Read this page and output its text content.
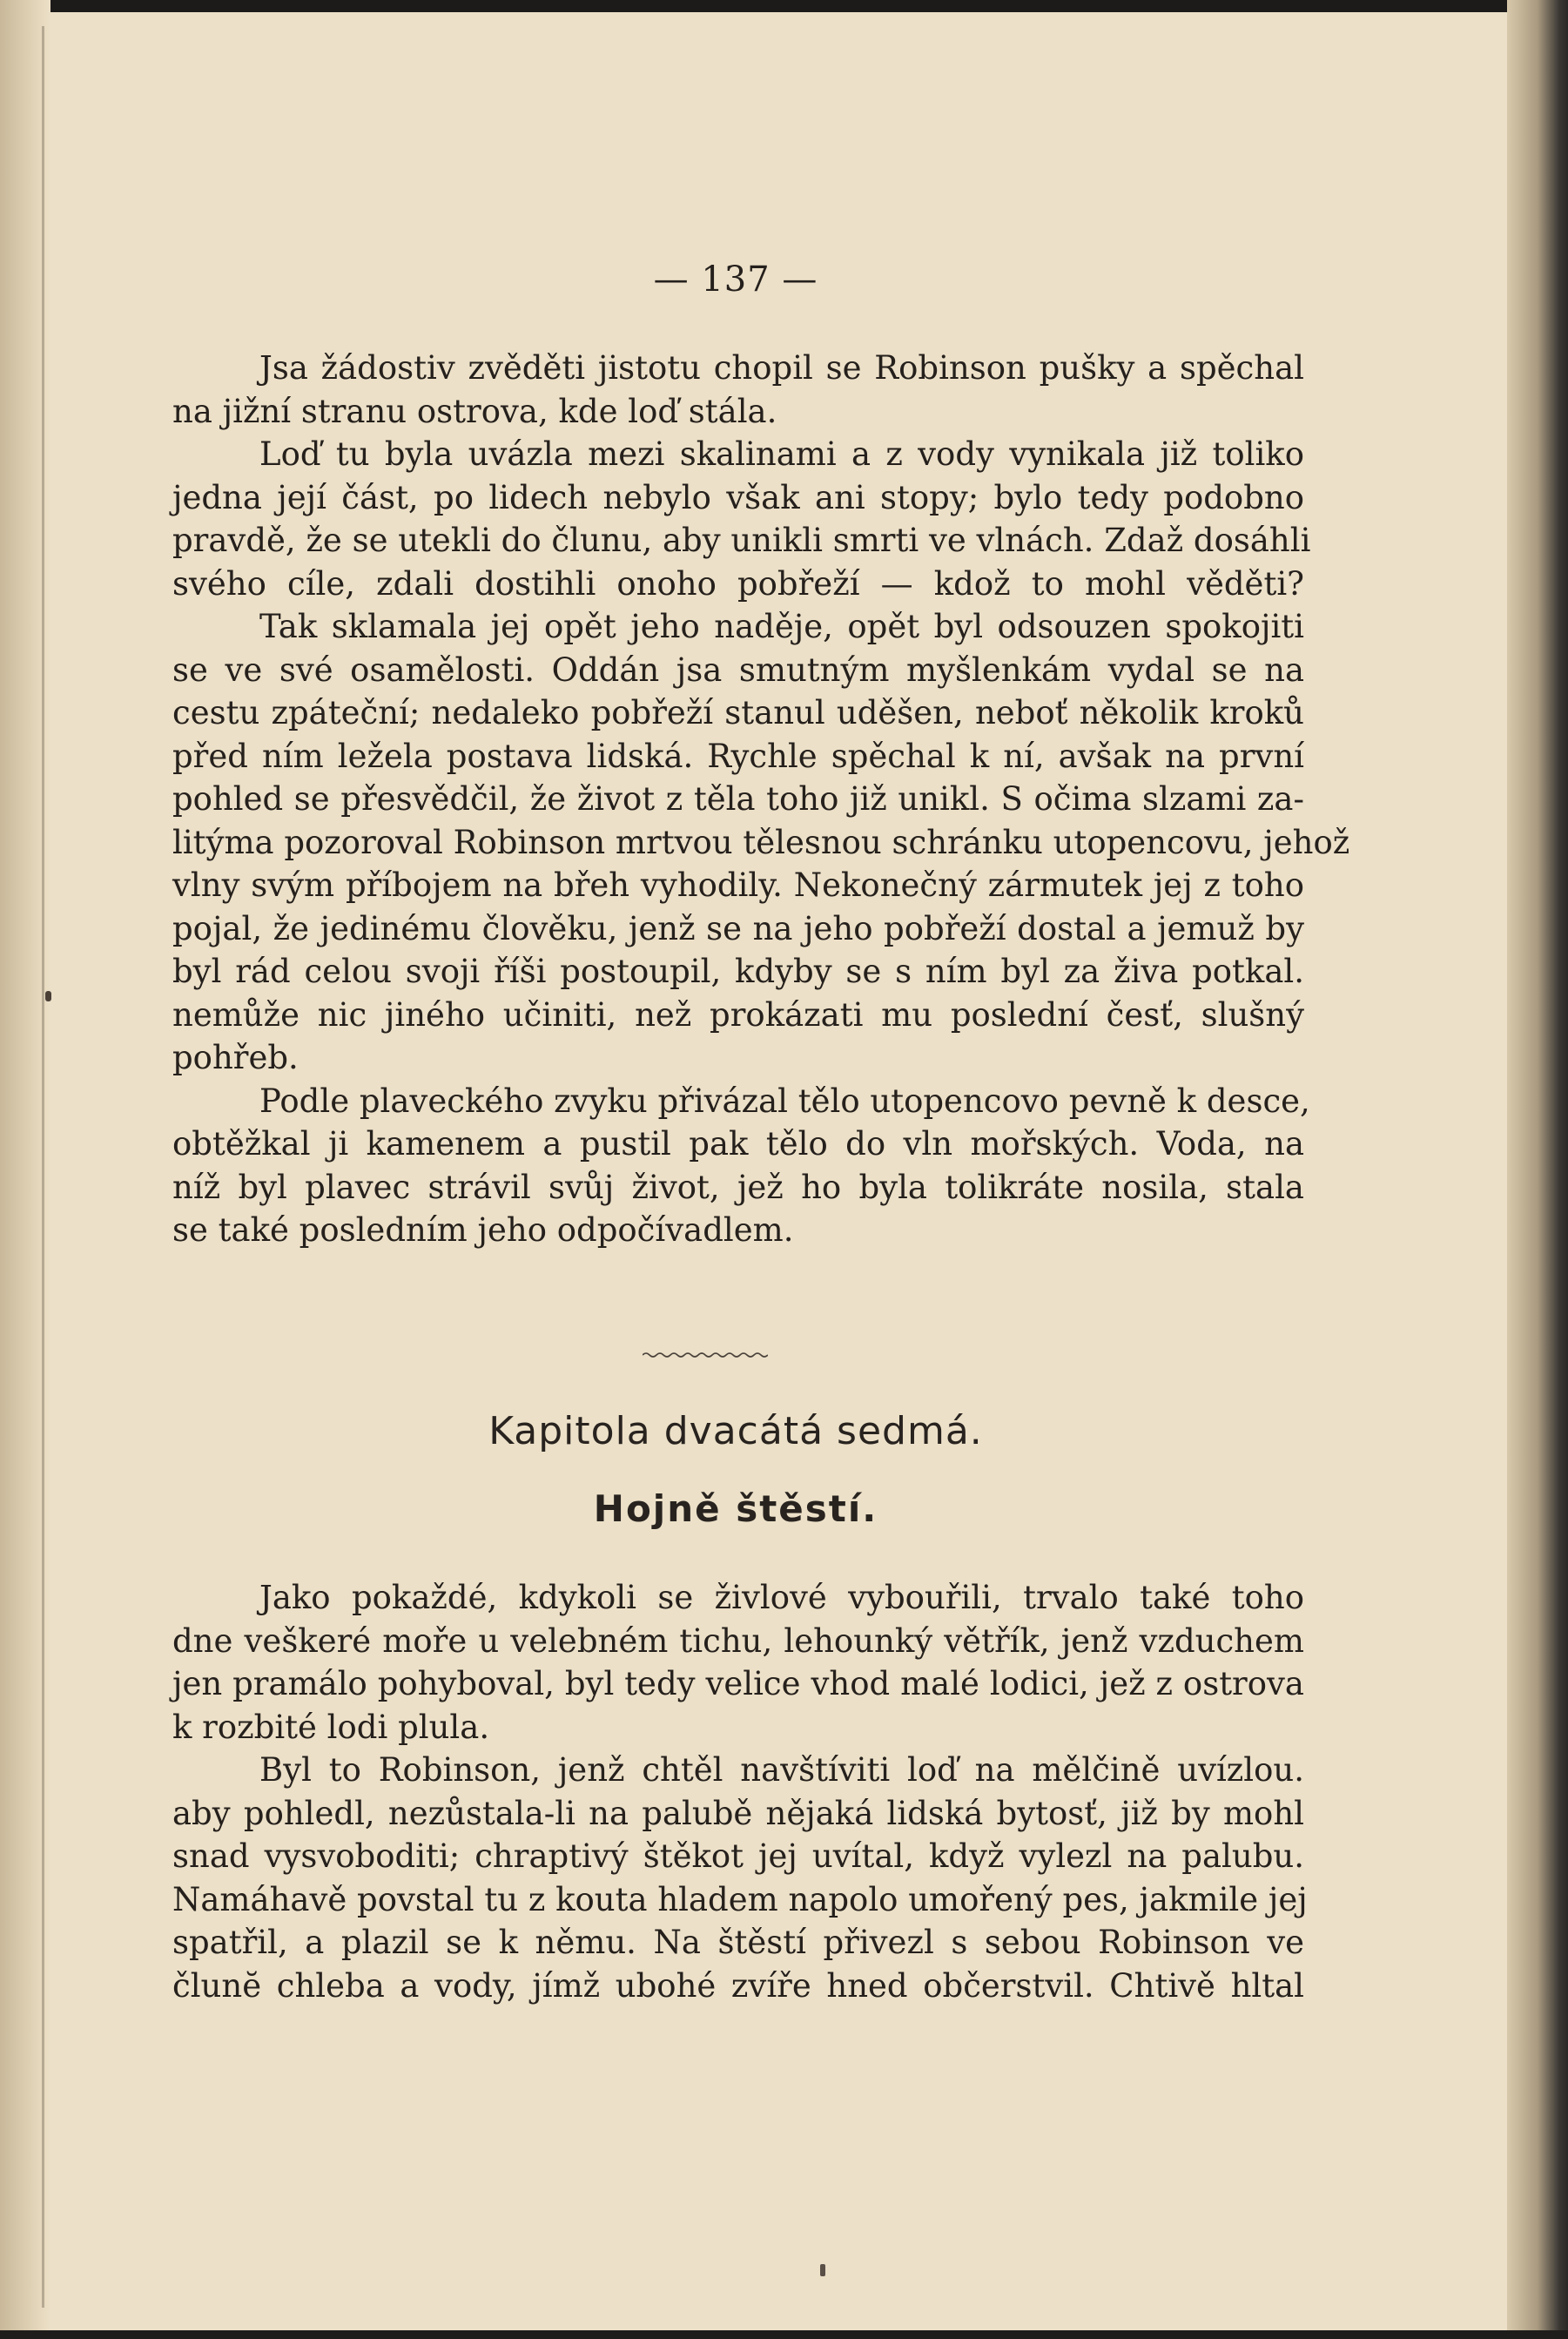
— 137 —
Jsa žádostiv zvěděti jistotu chopil se Robinson pušky a spěchal
na jižní stranu ostrova, kde loď stála.
Loď tu byla uvázla mezi skalinami a z vody vynikala již toliko
jedna její část, po lidech nebylo však ani stopy; bylo tedy podobno
pravdě, že se utekli do člunu, aby unikli smrti ve vlnách. Zdaž dosáhli
svého cíle, zdali dostihli onoho pobřeží — kdož to mohl věděti?
Tak sklamala jej opět jeho naděje, opět byl odsouzen spokojiti
se ve své osamělosti. Oddán jsa smutným myšlenkám vydal se na
cestu zpáteční; nedaleko pobřeží stanul uděšen, neboť několik kroků
před ním ležela postava lidská. Rychle spěchal k ní, avšak na první
pohled se přesvědčil, že život z těla toho již unikl. S očima slzami za-
litýma pozoroval Robinson mrtvou tělesnou schránku utopencovu, jehož
vlny svým příbojem na břeh vyhodily. Nekonečný zármutek jej z toho
pojal, že jedinému člověku, jenž se na jeho pobřeží dostal a jemuž by
byl rád celou svoji říši postoupil, kdyby se s ním byl za živa potkal.
nemůže nic jiného učiniti, než prokázati mu poslední česť, slušný
pohřeb.
Podle plaveckého zvyku přivázal tělo utopencovo pevně k desce,
obtěžkal ji kamenem a pustil pak tělo do vln mořských. Voda, na
níž byl plavec strávil svůj život, jež ho byla tolikráte nosila, stala
se také posledním jeho odpočívadlem.
Kapitola dvacátá sedmá.
Hojně štěstí.
Jako pokaždé, kdykoli se živlové vybouřili, trvalo také toho
dne veškeré moře u velebném tichu, lehounký větřík, jenž vzduchem
jen pramálo pohyboval, byl tedy velice vhod malé lodici, jež z ostrova
k rozbité lodi plula.
Byl to Robinson, jenž chtěl navštíviti loď na mělčině uvízlou.
aby pohledl, nezůstala-li na palubě nějaká lidská bytosť, již by mohl
snad vysvoboditi; chraptivý štěkot jej uvítal, když vylezl na palubu.
Namáhavě povstal tu z kouta hladem napolo umořený pes, jakmile jej
spatřil, a plazil se k němu. Na štěstí přivezl s sebou Robinson ve
člunĕ chleba a vody, jímž ubohé zvíře hned občerstvil. Chtivě hltal
